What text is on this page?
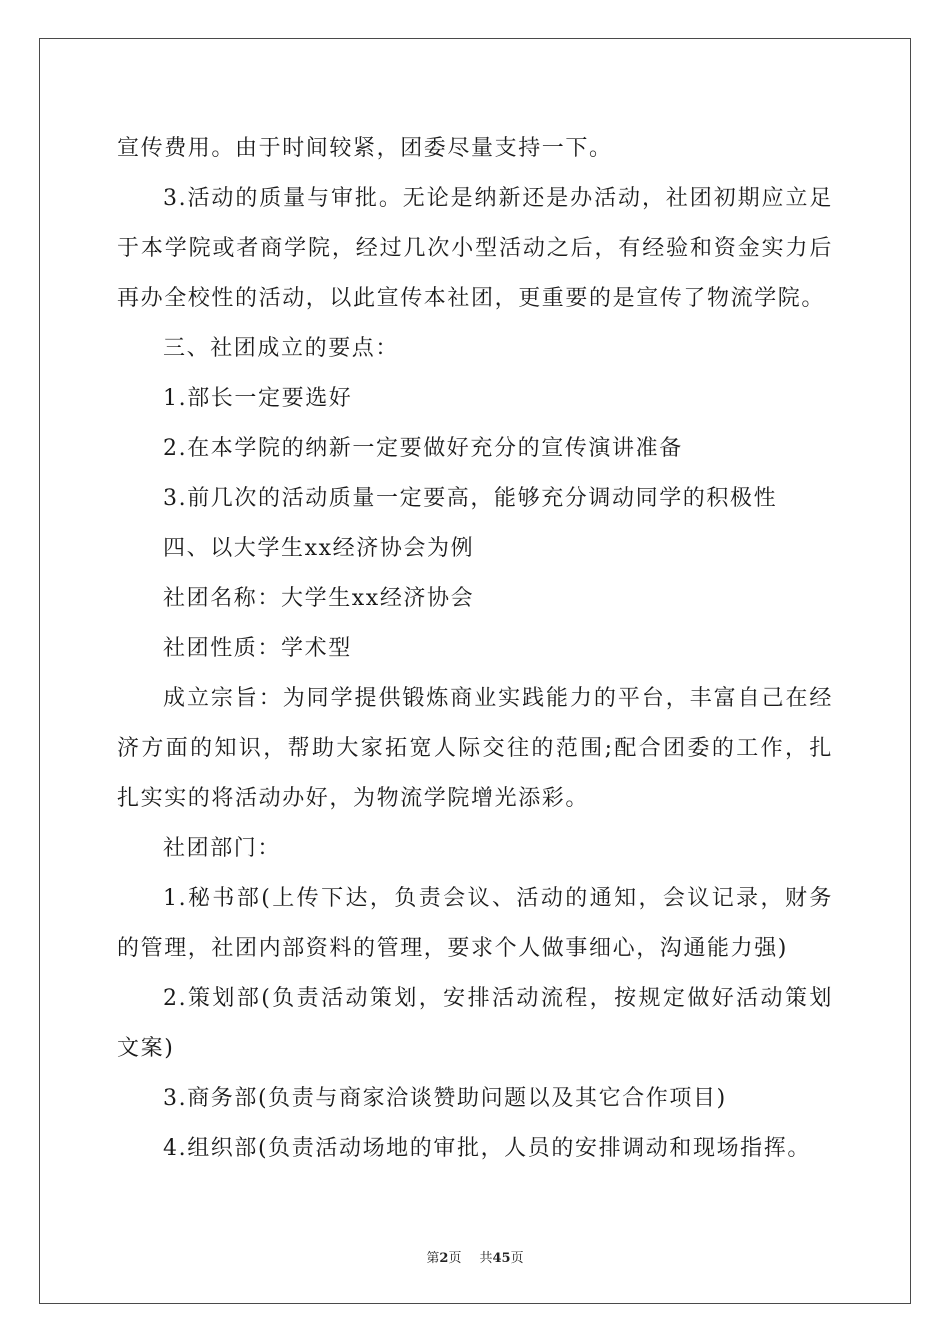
宣传费用。由于时间较紧，团委尽量支持一下。

3.活动的质量与审批。无论是纳新还是办活动，社团初期应立足于本学院或者商学院，经过几次小型活动之后，有经验和资金实力后再办全校性的活动，以此宣传本社团，更重要的是宣传了物流学院。

三、社团成立的要点：

1.部长一定要选好

2.在本学院的纳新一定要做好充分的宣传演讲准备

3.前几次的活动质量一定要高，能够充分调动同学的积极性

四、以大学生xx经济协会为例

社团名称：大学生xx经济协会

社团性质：学术型

成立宗旨：为同学提供锻炼商业实践能力的平台，丰富自己在经济方面的知识，帮助大家拓宽人际交往的范围;配合团委的工作，扎扎实实的将活动办好，为物流学院增光添彩。

社团部门：

1.秘书部(上传下达，负责会议、活动的通知，会议记录，财务的管理，社团内部资料的管理，要求个人做事细心，沟通能力强)

2.策划部(负责活动策划，安排活动流程，按规定做好活动策划文案)

3.商务部(负责与商家洽谈赞助问题以及其它合作项目)

4.组织部(负责活动场地的审批，人员的安排调动和现场指挥。

第2页 共45页
